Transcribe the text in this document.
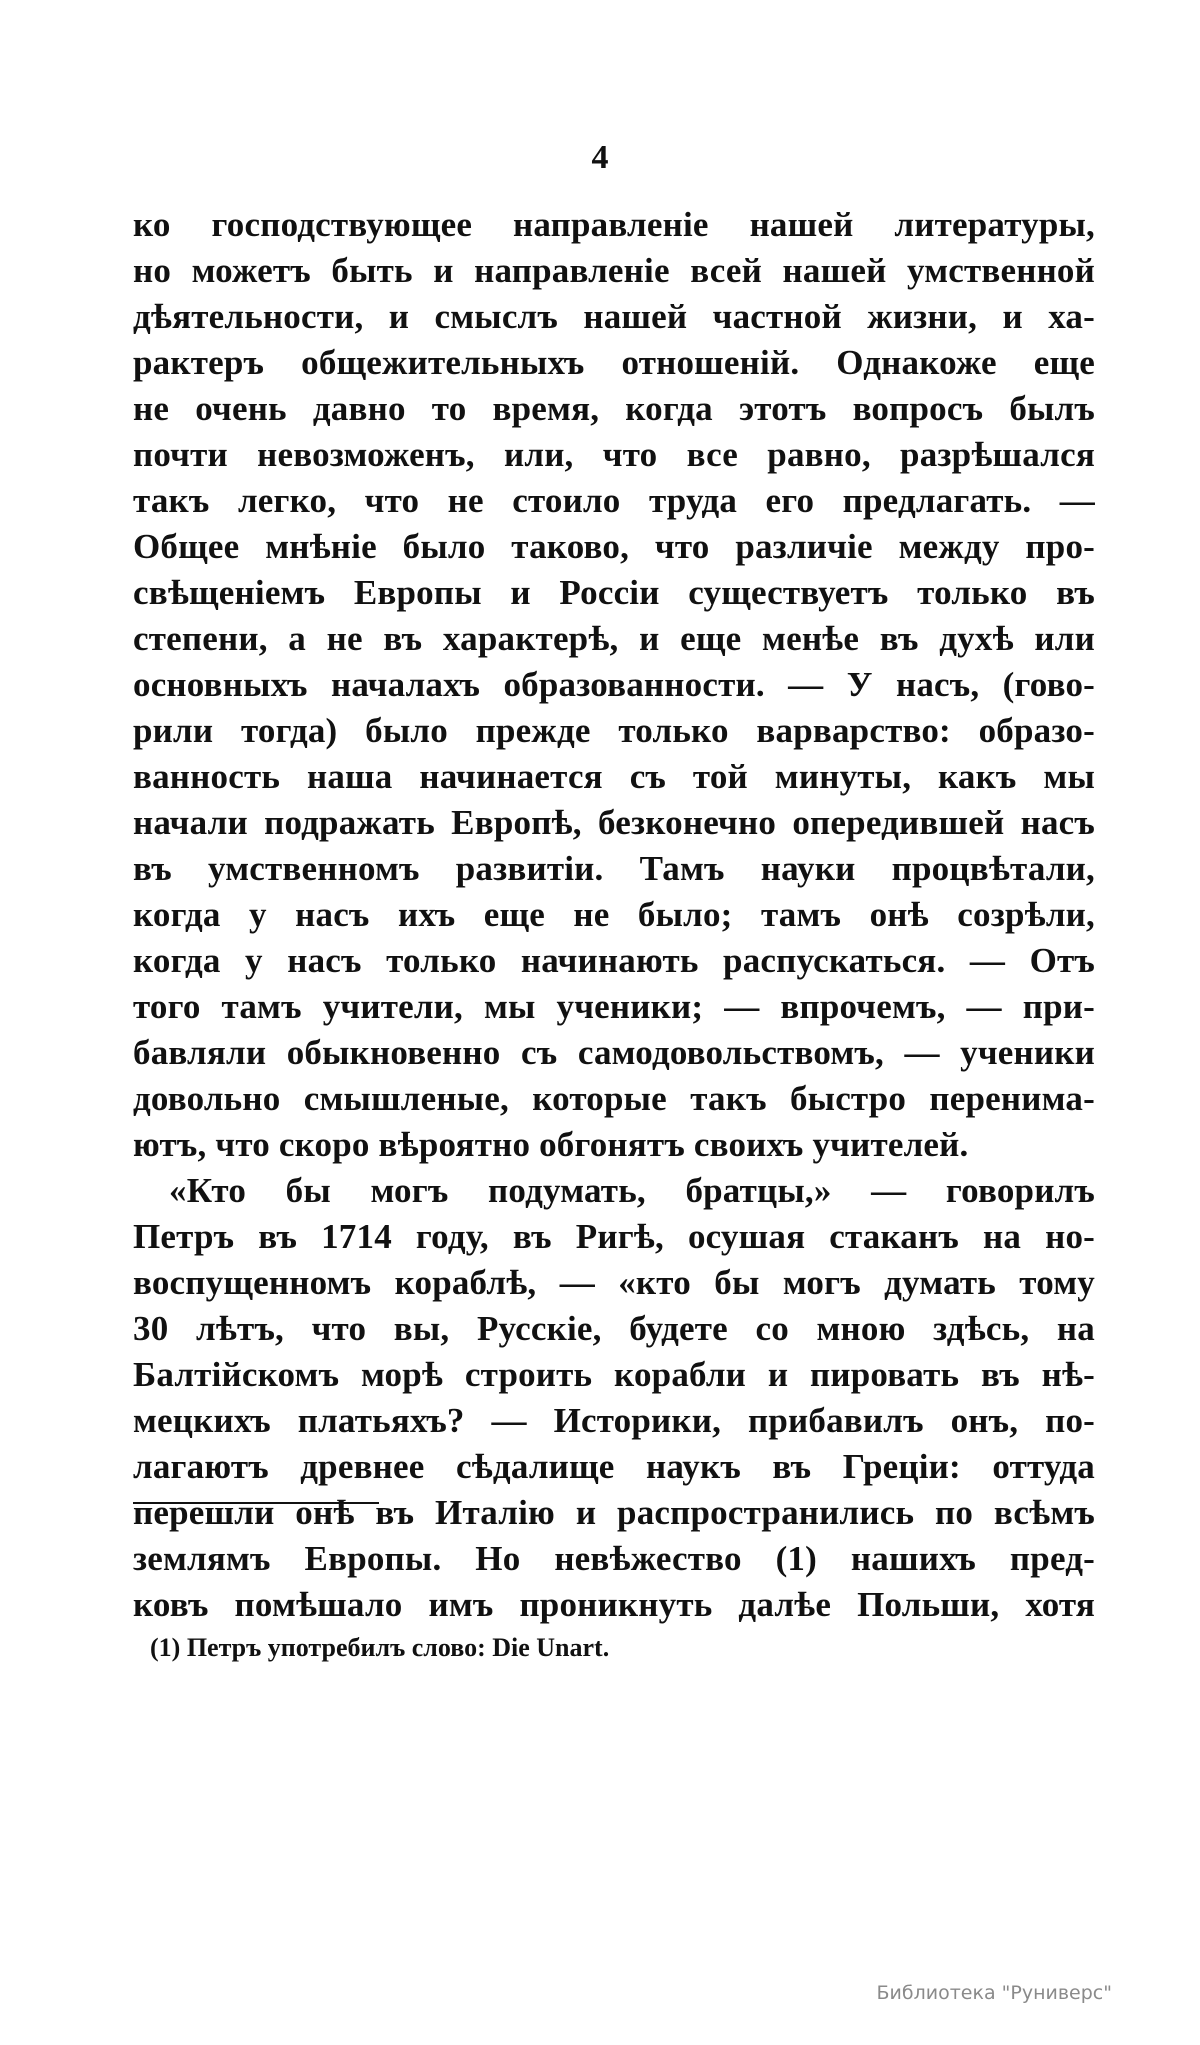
4
ко господствующее направленіе нашей литературы,
но можетъ быть и направленіе всей нашей умственной
дѣятельности, и смыслъ нашей частной жизни, и ха-
рактеръ общежительныхъ отношеній. Однакоже еще
не очень давно то время, когда этотъ вопросъ былъ
почти невозможенъ, или, что все равно, разрѣшался
такъ легко, что не стоило труда его предлагать. —
Общее мнѣніе было таково, что различіе между про-
свѣщеніемъ Европы и Россіи существуетъ только въ
степени, а не въ характерѣ, и еще менѣе въ духѣ или
основныхъ началахъ образованности. — У насъ, (гово-
рили тогда) было прежде только варварство: образо-
ванность наша начинается съ той минуты, какъ мы
начали подражать Европѣ, безконечно опередившей насъ
въ умственномъ развитіи. Тамъ науки процвѣтали,
когда у насъ ихъ еще не было; тамъ онѣ созрѣли,
когда у насъ только начинають распускаться. — Отъ
того тамъ учители, мы ученики; — впрочемъ, — при-
бавляли обыкновенно съ самодовольствомъ, — ученики
довольно смышленые, которые такъ быстро перенима-
ютъ, что скоро вѣроятно обгонятъ своихъ учителей.
«Кто бы могъ подумать, братцы,» — говорилъ
Петръ въ 1714 году, въ Ригѣ, осушая стаканъ на но-
воспущенномъ кораблѣ, — «кто бы могъ думать тому
30 лѣтъ, что вы, Русскіе, будете со мною здѣсь, на
Балтійскомъ морѣ строить корабли и пировать въ нѣ-
мецкихъ платьяхъ? — Историки, прибавилъ онъ, по-
лагаютъ древнее сѣдалище наукъ въ Греціи: оттуда
перешли онѣ въ Италію и распространились по всѣмъ
землямъ Европы. Но невѣжество (1) нашихъ пред-
ковъ помѣшало имъ проникнуть далѣе Польши, хотя
(1) Петръ употребилъ слово: Die Unart.
Библиотека "Руниверс"
